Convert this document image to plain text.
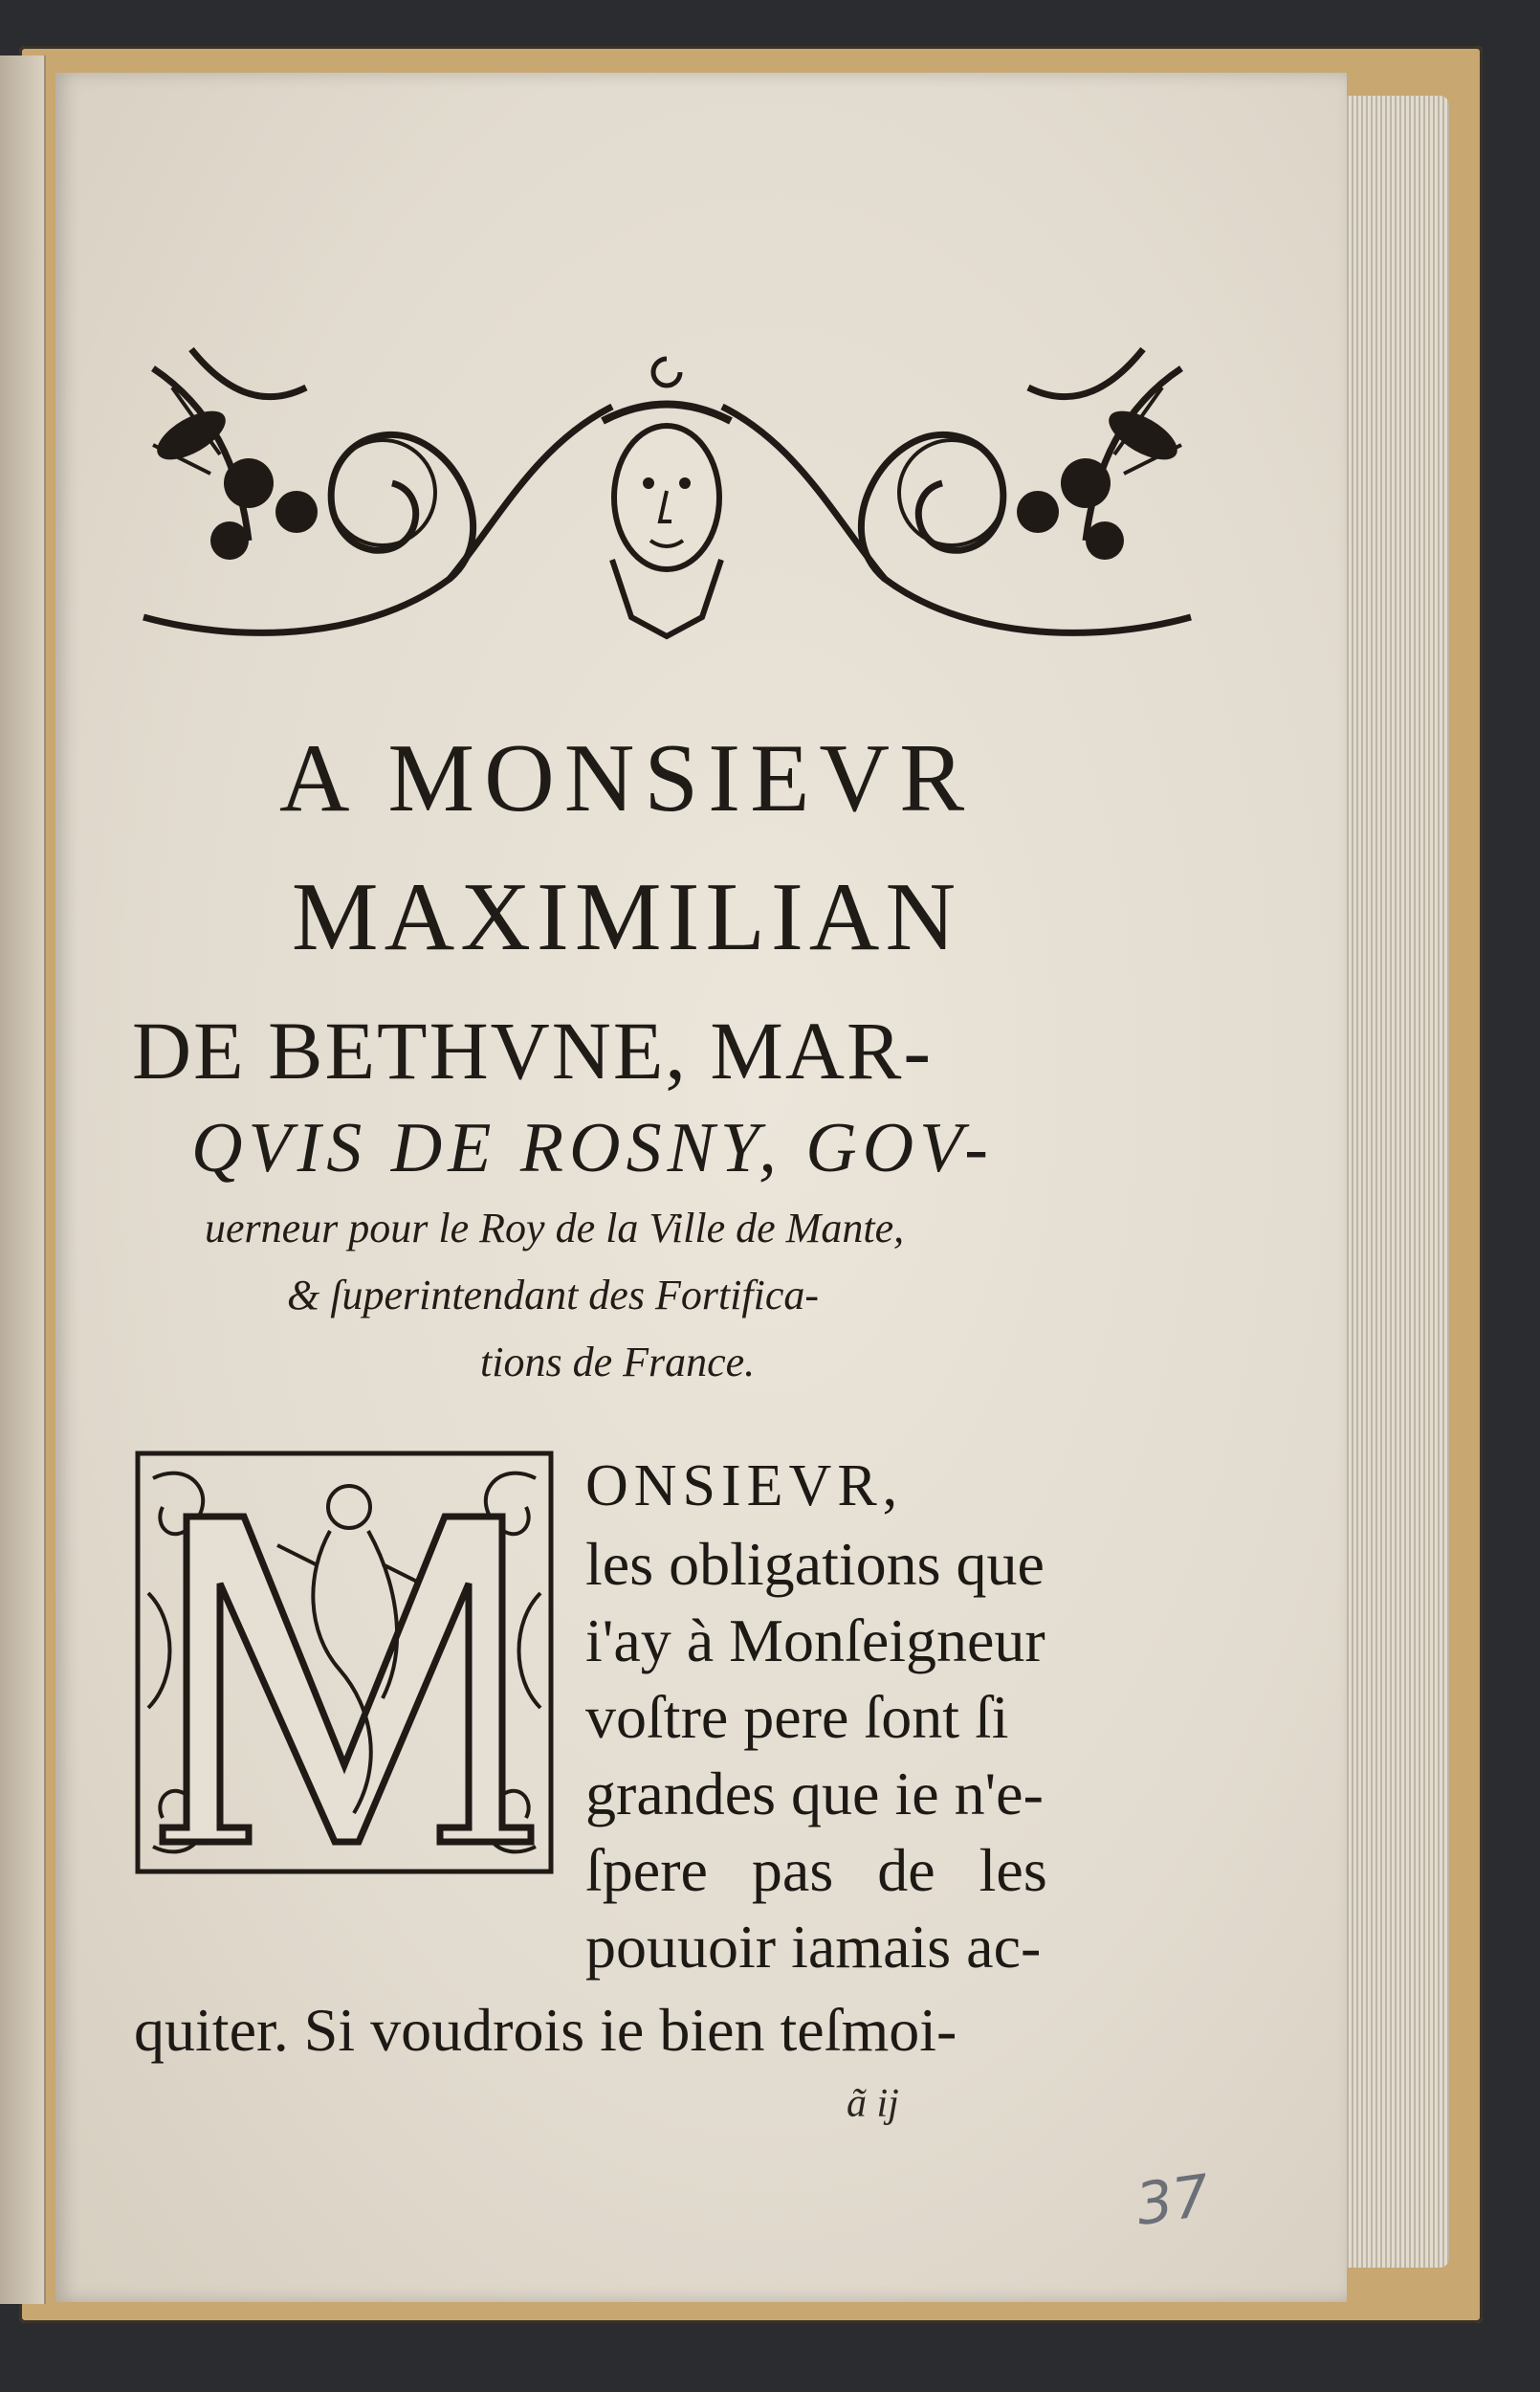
A MONSIEVR
MAXIMILIAN
DE BETHVNE, MAR-
QVIS DE ROSNY, GOV-
uerneur pour le Roy de la Ville de Mante,
& ſuperintendant des Fortifica-
tions de France.
ONSIEVR,
les obligations que
i'ay à Monſeigneur
voſtre pere ſont ſi
grandes que ie n'e-
ſpere pas de les
pouuoir iamais ac-
quiter. Si voudrois ie bien teſmoi-
ã ij
37
